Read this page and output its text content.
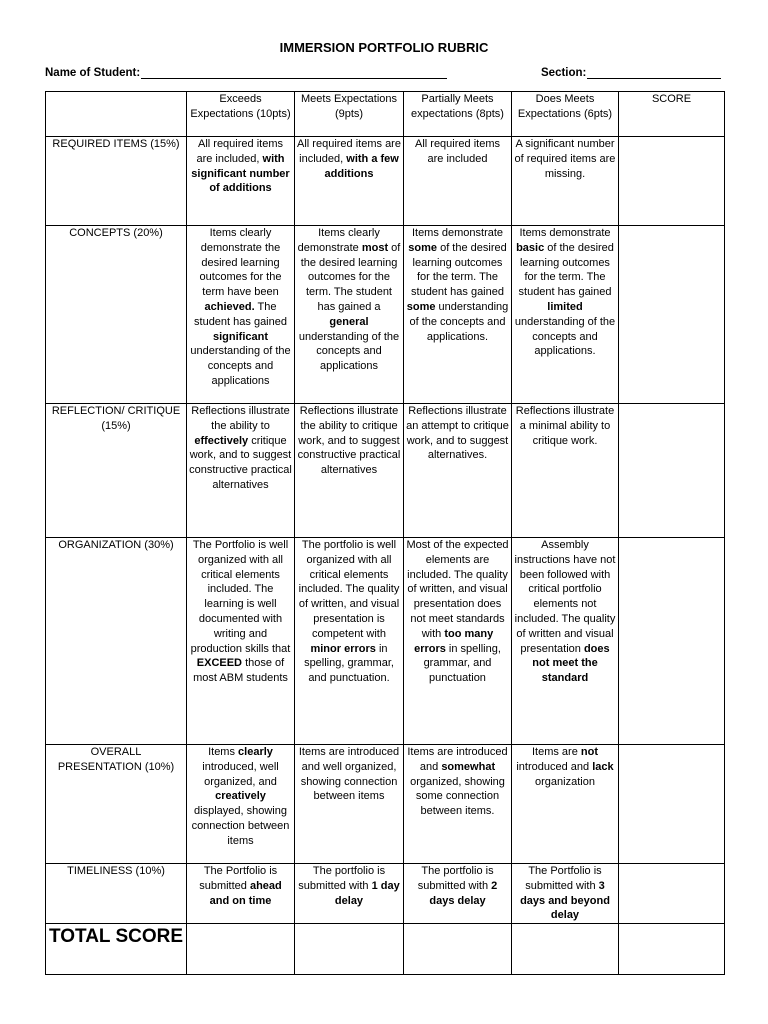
IMMERSION PORTFOLIO RUBRIC
Name of Student:	Section:
	Exceeds Expectations (10pts)	Meets Expectations (9pts)	Partially Meets expectations (8pts)	Does Meets Expectations (6pts)	SCORE
REQUIRED ITEMS (15%)	All required items are included, with significant number of additions	All required items are included, with a few additions	All required items are included	A significant number of required items are missing.	
CONCEPTS (20%)	Items clearly demonstrate the desired learning outcomes for the term have been achieved. The student has gained significant understanding of the concepts and applications	Items clearly demonstrate most of the desired learning outcomes for the term. The student has gained a general understanding of the concepts and applications	Items demonstrate some of the desired learning outcomes for the term. The student has gained some understanding of the concepts and applications.	Items demonstrate basic of the desired learning outcomes for the term. The student has gained limited understanding of the concepts and applications.	
REFLECTION/ CRITIQUE (15%)	Reflections illustrate the ability to effectively critique work, and to suggest constructive practical alternatives	Reflections illustrate the ability to critique work, and to suggest constructive practical alternatives	Reflections illustrate an attempt to critique work, and to suggest alternatives.	Reflections illustrate a minimal ability to critique work.	
ORGANIZATION (30%)	The Portfolio is well organized with all critical elements included. The learning is well documented with writing and production skills that EXCEED those of most ABM students	The portfolio is well organized with all critical elements included. The quality of written, and visual presentation is competent with minor errors in spelling, grammar, and punctuation.	Most of the expected elements are included. The quality of written, and visual presentation does not meet standards with too many errors in spelling, grammar, and punctuation	Assembly instructions have not been followed with critical portfolio elements not included. The quality of written and visual presentation does not meet the standard	
OVERALL PRESENTATION (10%)	Items clearly introduced, well organized, and creatively displayed, showing connection between items	Items are introduced and well organized, showing connection between items	Items are introduced and somewhat organized, showing some connection between items.	Items are not introduced and lack organization	
TIMELINESS (10%)	The Portfolio is submitted ahead and on time	The portfolio is submitted with 1 day delay	The portfolio is submitted with 2 days delay	The Portfolio is submitted with 3 days and beyond delay	
TOTAL SCORE					
